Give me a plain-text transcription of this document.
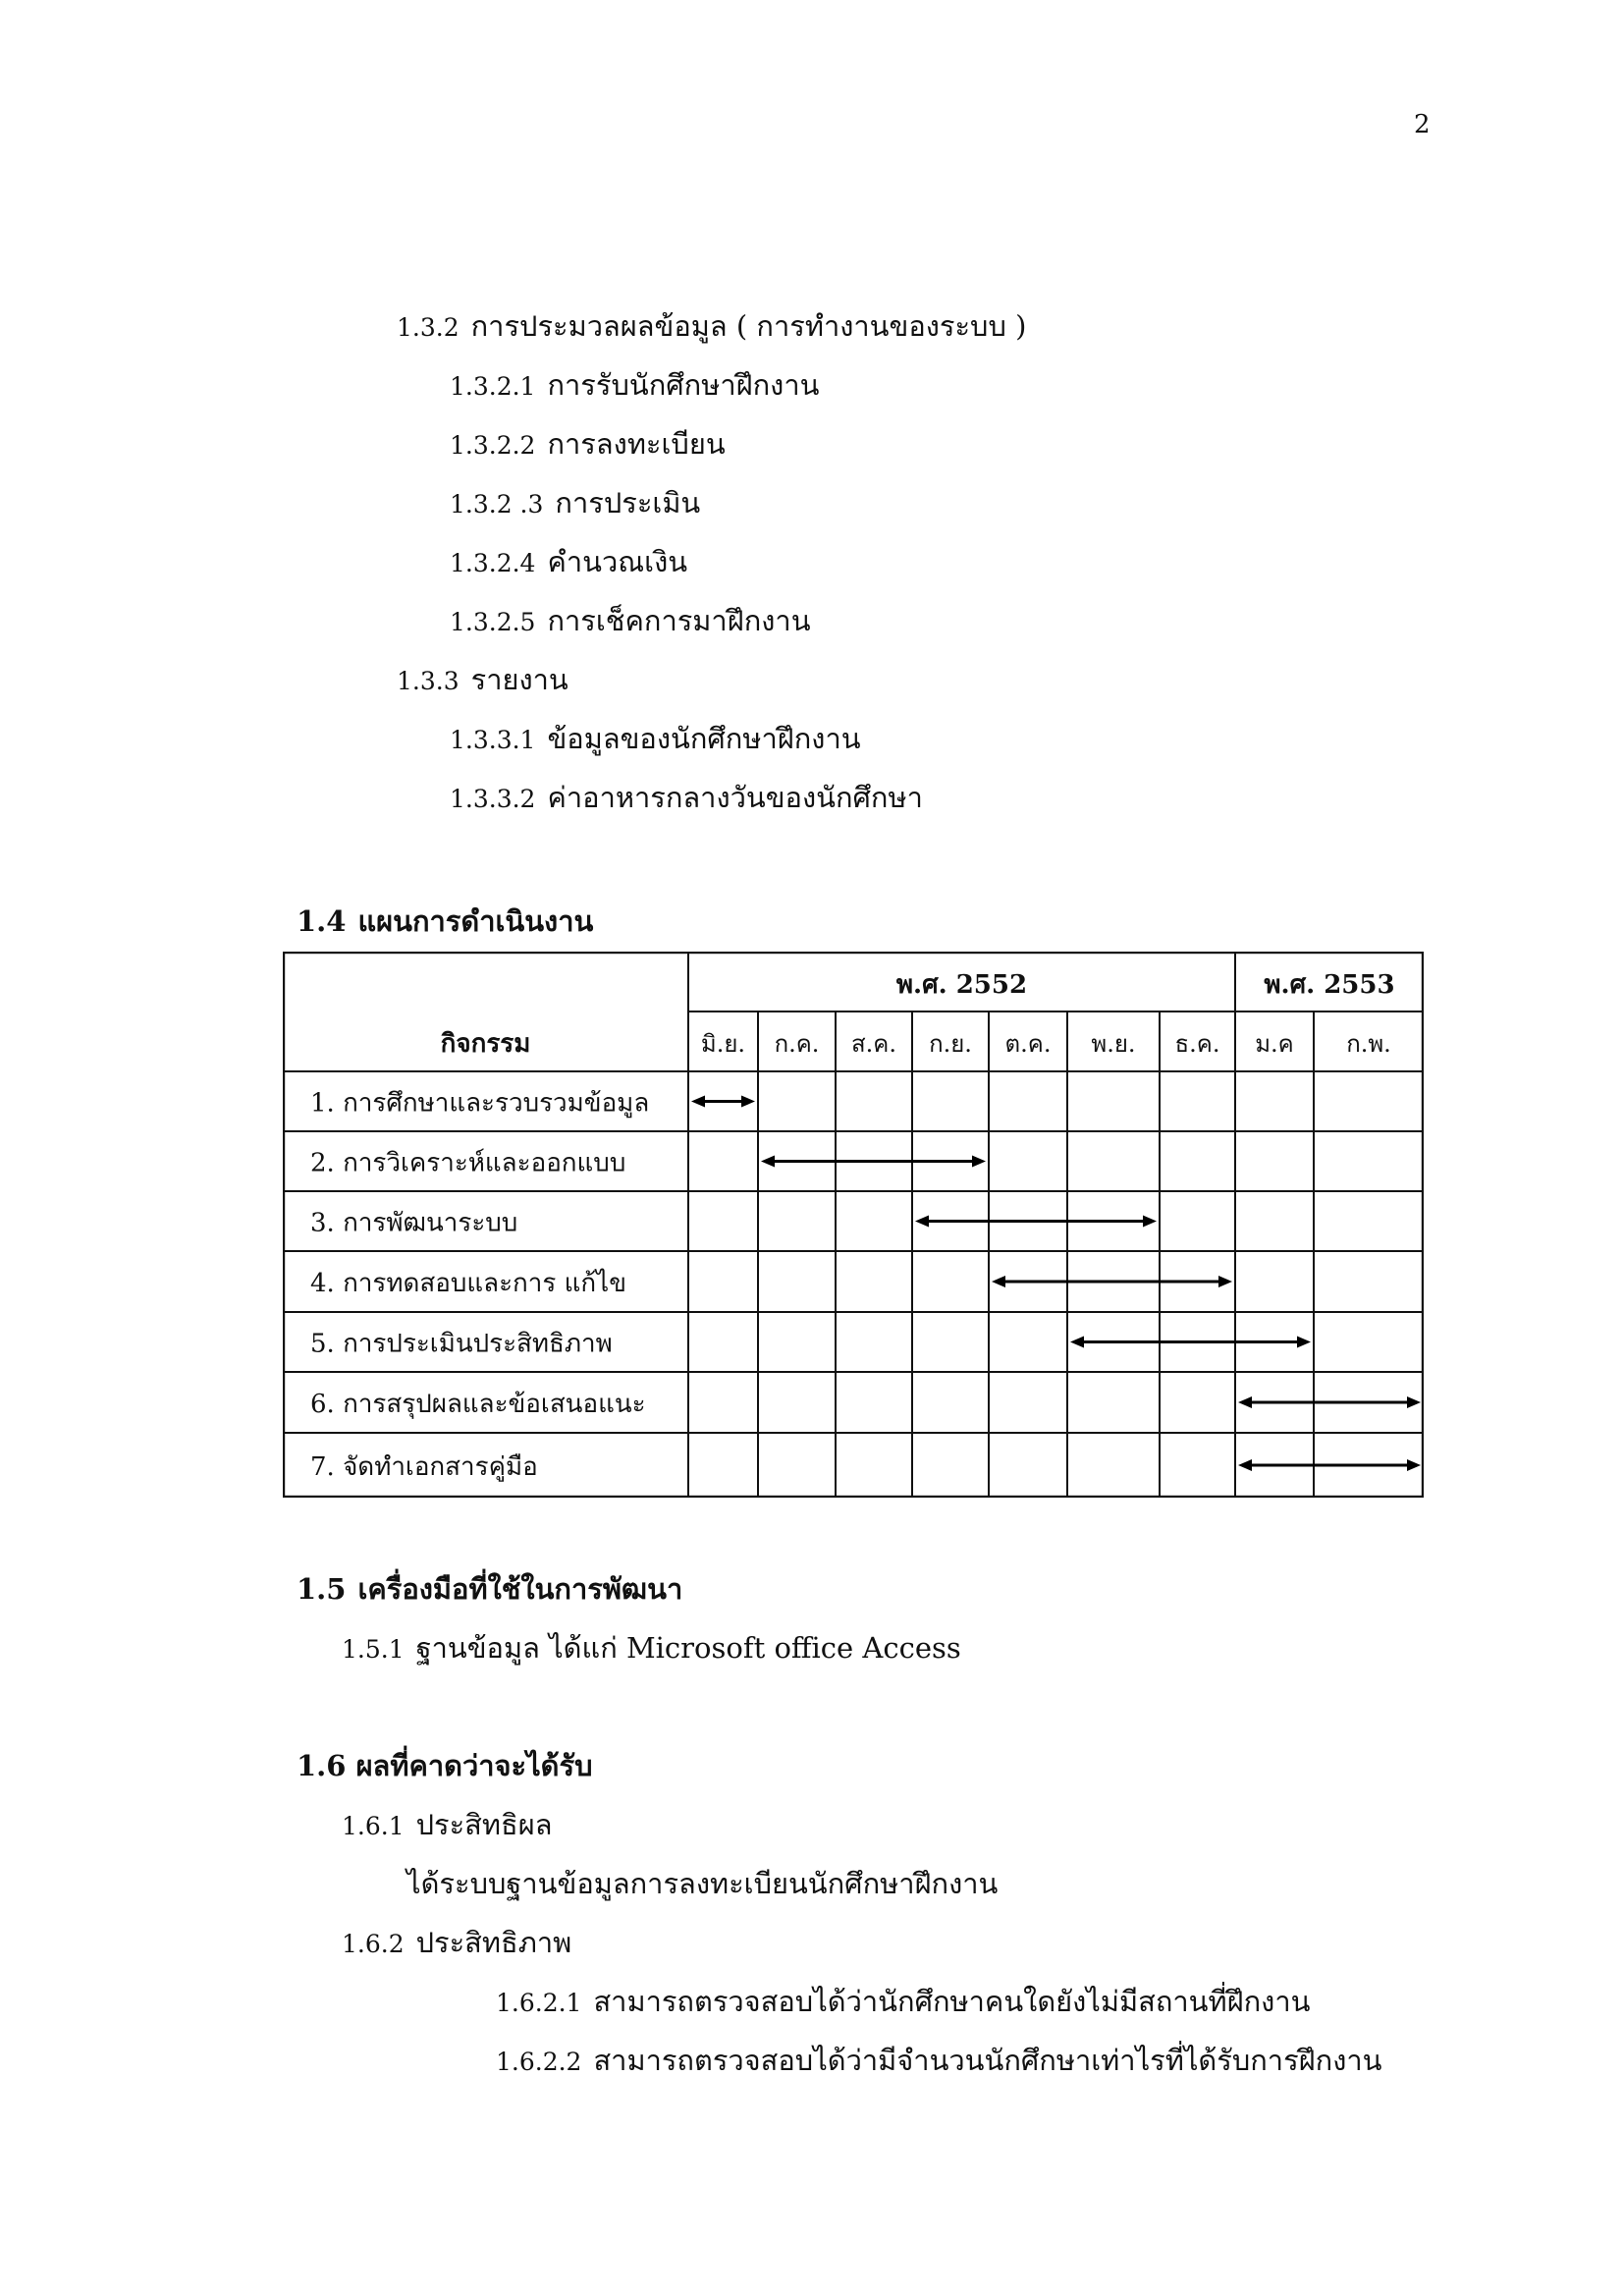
2
1.3.2 การประมวลผลข้อมูล ( การทำงานของระบบ )
1.3.2.1 การรับนักศึกษาฝึกงาน
1.3.2.2 การลงทะเบียน
1.3.2 .3 การประเมิน
1.3.2.4 คำนวณเงิน
1.3.2.5 การเช็คการมาฝึกงาน
1.3.3 รายงาน
1.3.3.1 ข้อมูลของนักศึกษาฝึกงาน
1.3.3.2 ค่าอาหารกลางวันของนักศึกษา
1.4 แผนการดำเนินงาน
กิจกรรม
พ.ศ. 2552	พ.ศ. 2553
มิ.ย. ก.ค. ส.ค. ก.ย. ต.ค. พ.ย. ธ.ค. ม.ค ก.พ.
1. การศึกษาและรวบรวมข้อมูล
2. การวิเคราะห์และออกแบบ
3. การพัฒนาระบบ
4. การทดสอบและการ แก้ไข
5. การประเมินประสิทธิภาพ
6. การสรุปผลและข้อเสนอแนะ
7. จัดทำเอกสารคู่มือ
1.5 เครื่องมือที่ใช้ในการพัฒนา
1.5.1 ฐานข้อมูล ได้แก่ Microsoft office Access
1.6 ผลที่คาดว่าจะได้รับ
1.6.1 ประสิทธิผล
ได้ระบบฐานข้อมูลการลงทะเบียนนักศึกษาฝึกงาน
1.6.2 ประสิทธิภาพ
1.6.2.1 สามารถตรวจสอบได้ว่านักศึกษาคนใดยังไม่มีสถานที่ฝึกงาน
1.6.2.2 สามารถตรวจสอบได้ว่ามีจำนวนนักศึกษาเท่าไรที่ได้รับการฝึกงาน
